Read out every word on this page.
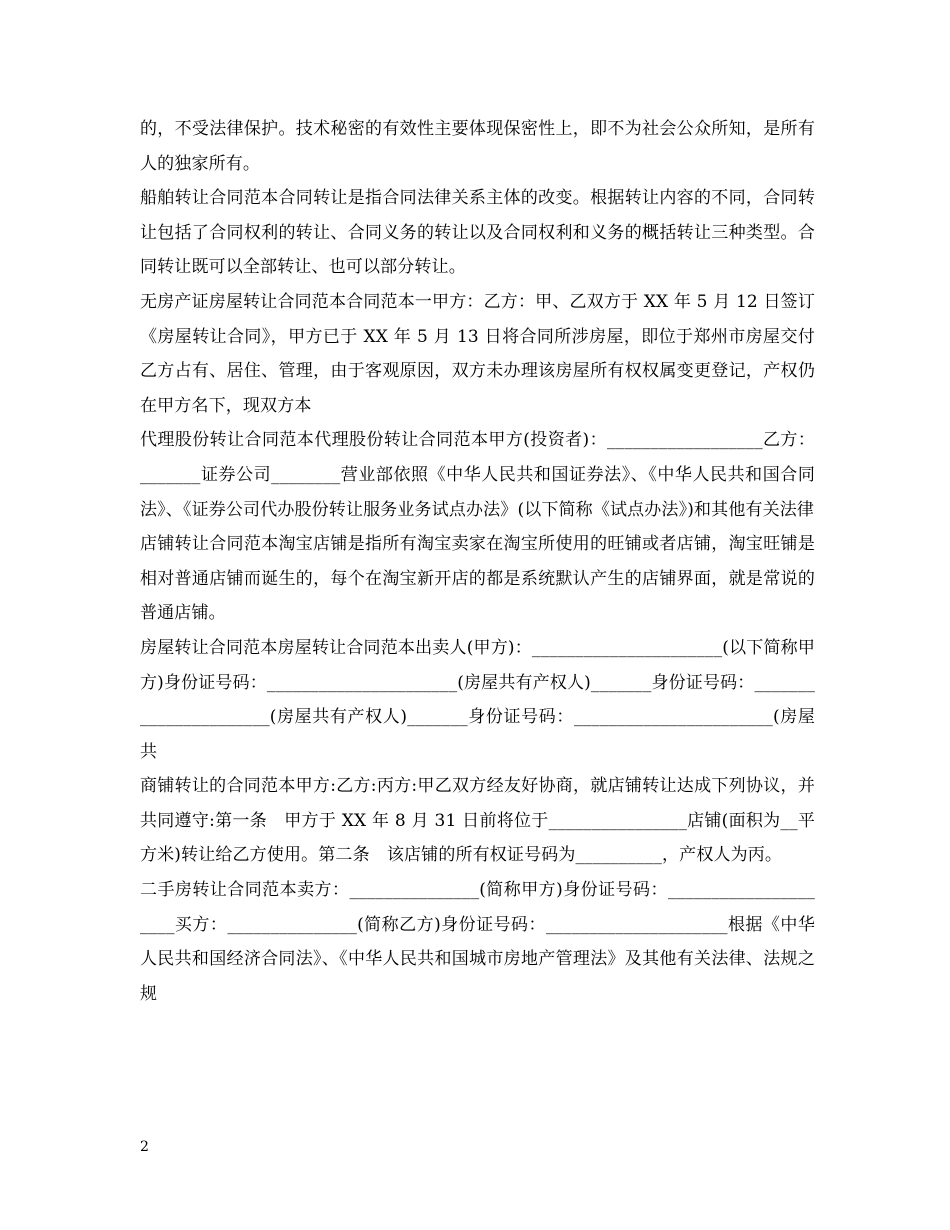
的，不受法律保护。技术秘密的有效性主要体现保密性上，即不为社会公众所知，是所有人的独家所有。

船舶转让合同范本合同转让是指合同法律关系主体的改变。根据转让内容的不同，合同转让包括了合同权利的转让、合同义务的转让以及合同权利和义务的概括转让三种类型。合同转让既可以全部转让、也可以部分转让。

无房产证房屋转让合同范本合同范本一甲方：乙方：甲、乙双方于 XX 年 5 月 12 日签订《房屋转让合同》，甲方已于 XX 年 5 月 13 日将合同所涉房屋，即位于郑州市房屋交付乙方占有、居住、管理，由于客观原因，双方未办理该房屋所有权权属变更登记，产权仍在甲方名下，现双方本

代理股份转让合同范本代理股份转让合同范本甲方(投资者)：__________________乙方：_______证券公司________营业部依照《中华人民共和国证券法》、《中华人民共和国合同法》、《证券公司代办股份转让服务业务试点办法》(以下简称《试点办法》)和其他有关法律

店铺转让合同范本淘宝店铺是指所有淘宝卖家在淘宝所使用的旺铺或者店铺，淘宝旺铺是相对普通店铺而诞生的，每个在淘宝新开店的都是系统默认产生的店铺界面，就是常说的普通店铺。

房屋转让合同范本房屋转让合同范本出卖人(甲方)：______________________(以下简称甲方)身份证号码：______________________(房屋共有产权人)_______身份证号码：______________________(房屋共有产权人)_______身份证号码：_______________________(房屋共

商铺转让的合同范本甲方:乙方:丙方:甲乙双方经友好协商，就店铺转让达成下列协议，并共同遵守:第一条　甲方于 XX 年 8 月 31 日前将位于________________店铺(面积为__平方米)转让给乙方使用。第二条　该店铺的所有权证号码为__________，产权人为丙。

二手房转让合同范本卖方：_______________(简称甲方)身份证号码：_____________________买方：_______________(简称乙方)身份证号码：_____________________根据《中华人民共和国经济合同法》、《中华人民共和国城市房地产管理法》及其他有关法律、法规之规

2
